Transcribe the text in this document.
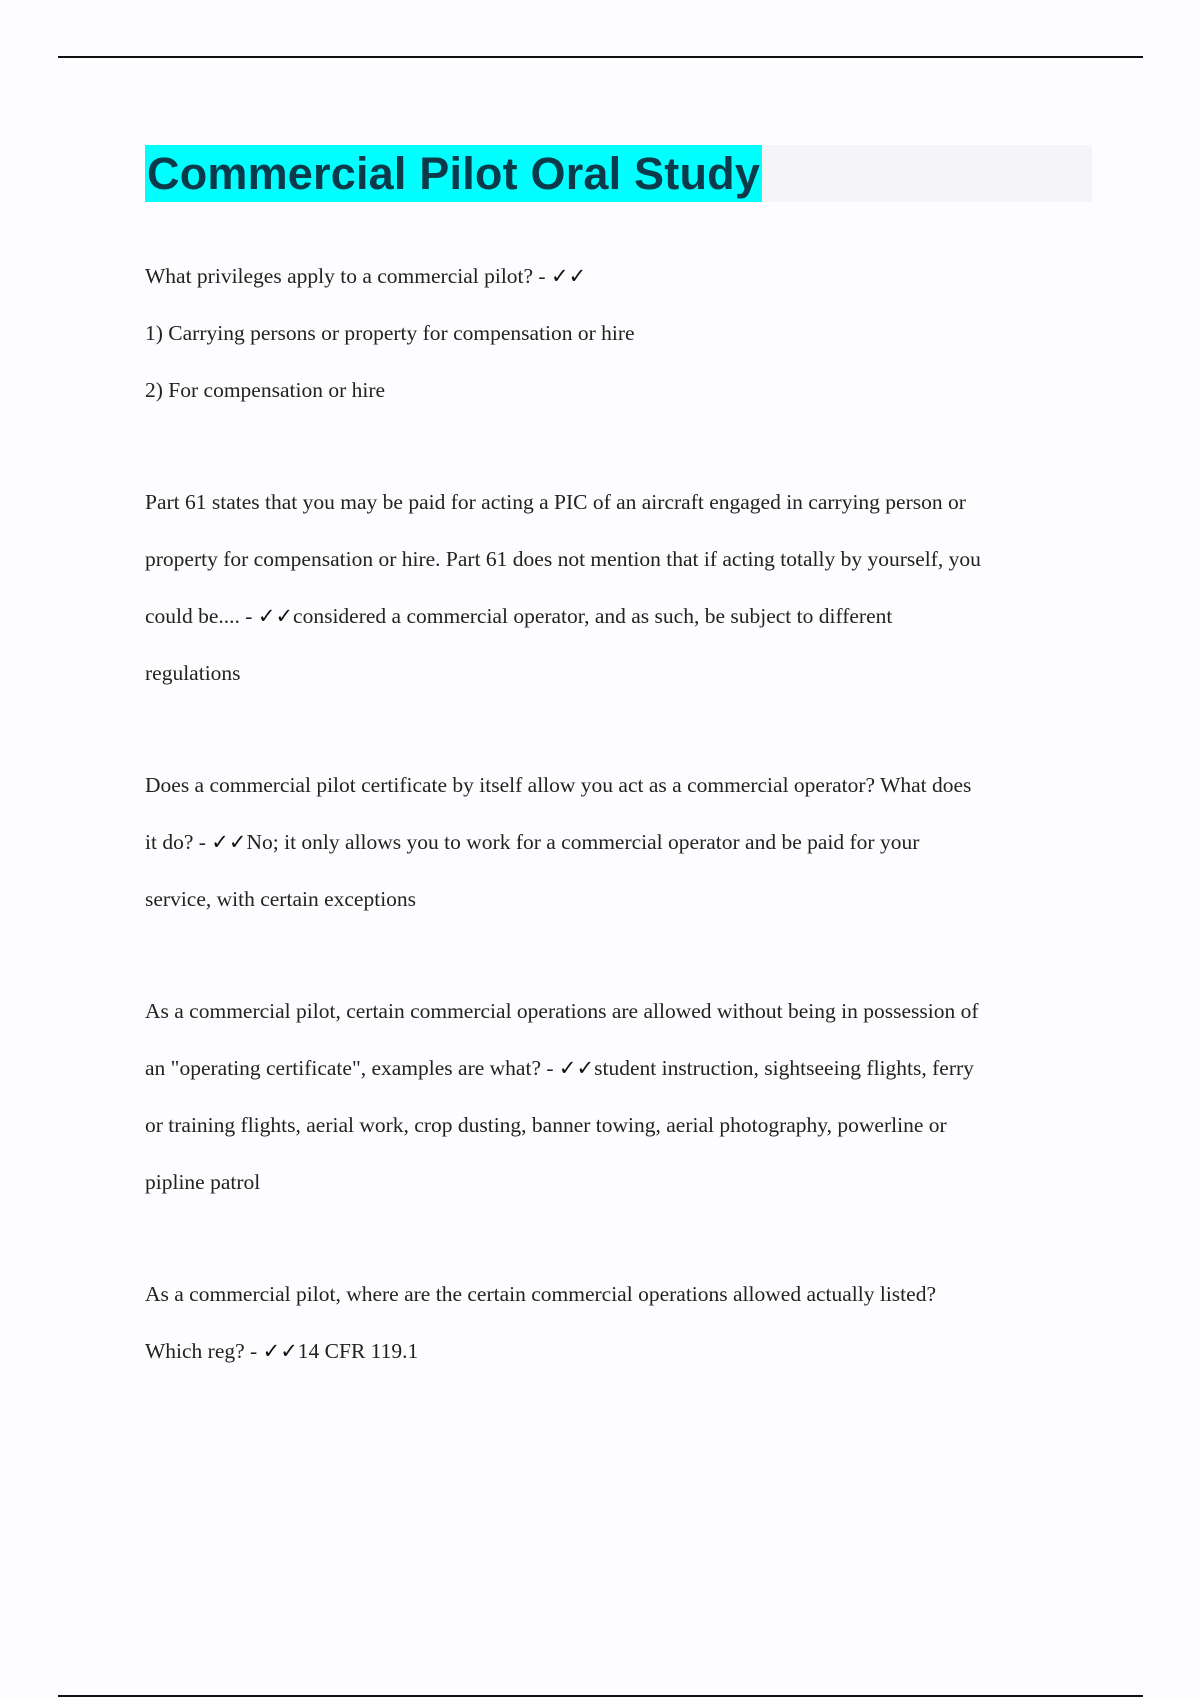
Commercial Pilot Oral Study
What privileges apply to a commercial pilot? - ✓✓
1) Carrying persons or property for compensation or hire
2) For compensation or hire
Part 61 states that you may be paid for acting a PIC of an aircraft engaged in carrying person or
property for compensation or hire. Part 61 does not mention that if acting totally by yourself, you
could be.... - ✓✓considered a commercial operator, and as such, be subject to different
regulations
Does a commercial pilot certificate by itself allow you act as a commercial operator? What does
it do? - ✓✓No; it only allows you to work for a commercial operator and be paid for your
service, with certain exceptions
As a commercial pilot, certain commercial operations are allowed without being in possession of
an "operating certificate", examples are what? - ✓✓student instruction, sightseeing flights, ferry
or training flights, aerial work, crop dusting, banner towing, aerial photography, powerline or
pipline patrol
As a commercial pilot, where are the certain commercial operations allowed actually listed?
Which reg? - ✓✓14 CFR 119.1
